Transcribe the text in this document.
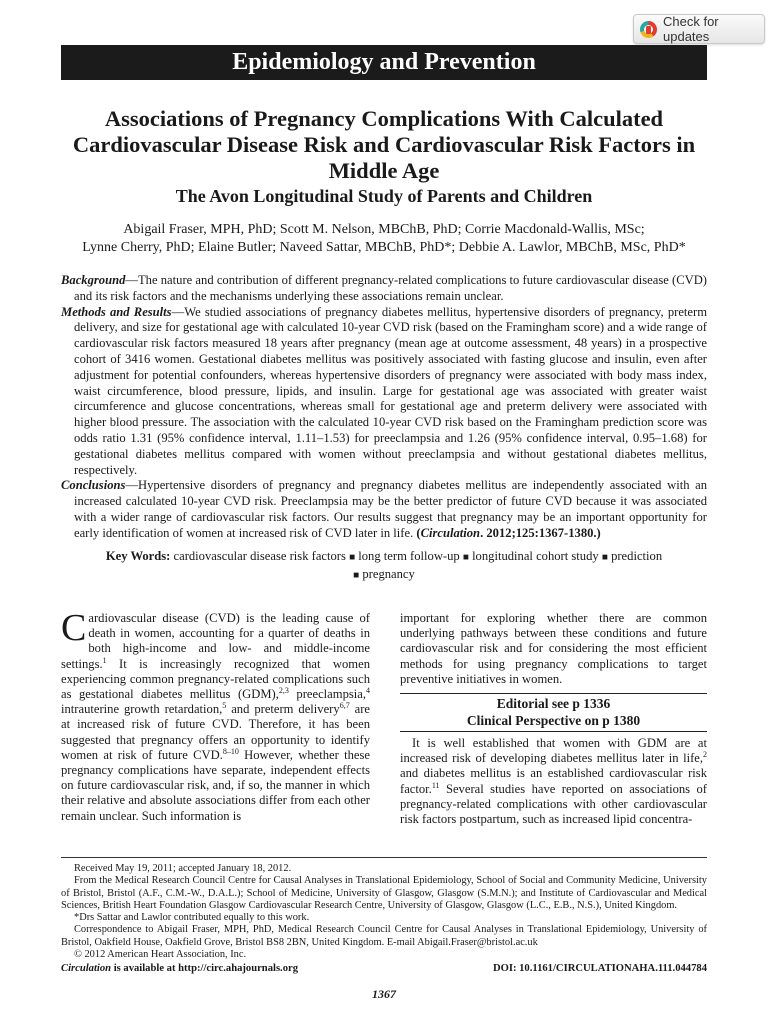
Check for updates
Epidemiology and Prevention
Associations of Pregnancy Complications With Calculated Cardiovascular Disease Risk and Cardiovascular Risk Factors in Middle Age
The Avon Longitudinal Study of Parents and Children
Abigail Fraser, MPH, PhD; Scott M. Nelson, MBChB, PhD; Corrie Macdonald-Wallis, MSc;
Lynne Cherry, PhD; Elaine Butler; Naveed Sattar, MBChB, PhD*; Debbie A. Lawlor, MBChB, MSc, PhD*

Background—The nature and contribution of different pregnancy-related complications to future cardiovascular disease (CVD) and its risk factors and the mechanisms underlying these associations remain unclear.

Methods and Results—We studied associations of pregnancy diabetes mellitus, hypertensive disorders of pregnancy, preterm delivery, and size for gestational age with calculated 10-year CVD risk (based on the Framingham score) and a wide range of cardiovascular risk factors measured 18 years after pregnancy (mean age at outcome assessment, 48 years) in a prospective cohort of 3416 women. Gestational diabetes mellitus was positively associated with fasting glucose and insulin, even after adjustment for potential confounders, whereas hypertensive disorders of pregnancy were associated with body mass index, waist circumference, blood pressure, lipids, and insulin. Large for gestational age was associated with greater waist circumference and glucose concentrations, whereas small for gestational age and preterm delivery were associated with higher blood pressure. The association with the calculated 10-year CVD risk based on the Framingham prediction score was odds ratio 1.31 (95% confidence interval, 1.11–1.53) for preeclampsia and 1.26 (95% confidence interval, 0.95–1.68) for gestational diabetes mellitus compared with women without preeclampsia and without gestational diabetes mellitus, respectively.

Conclusions—Hypertensive disorders of pregnancy and pregnancy diabetes mellitus are independently associated with an increased calculated 10-year CVD risk. Preeclampsia may be the better predictor of future CVD because it was associated with a wider range of cardiovascular risk factors. Our results suggest that pregnancy may be an important opportunity for early identification of women at increased risk of CVD later in life. (Circulation. 2012;125:1367-1380.)

Key Words: cardiovascular disease risk factors ■ long term follow-up ■ longitudinal cohort study ■ prediction
■ pregnancy

Cardiovascular disease (CVD) is the leading cause of death in women, accounting for a quarter of deaths in both high-income and low- and middle-income settings.$^1$ It is increasingly recognized that women experiencing common pregnancy-related complications such as gestational diabetes mellitus (GDM),$^{2,3}$ preeclampsia,$^4$ intrauterine growth retardation,$^5$ and preterm delivery$^{6,7}$ are at increased risk of future CVD. Therefore, it has been suggested that pregnancy offers an opportunity to identify women at risk of future CVD.$^{8-10}$ However, whether these pregnancy complications have separate, independent effects on future cardiovascular risk, and, if so, the manner in which their relative and absolute associations differ from each other remain unclear. Such information is

important for exploring whether there are common underlying pathways between these conditions and future cardiovascular risk and for considering the most efficient methods for using pregnancy complications to target preventive initiatives in women.

Editorial see p 1336
Clinical Perspective on p 1380

It is well established that women with GDM are at increased risk of developing diabetes mellitus later in life,$^2$ and diabetes mellitus is an established cardiovascular risk factor.$^{11}$ Several studies have reported on associations of pregnancy-related complications with other cardiovascular risk factors postpartum, such as increased lipid concentra-

Received May 19, 2011; accepted January 18, 2012.

From the Medical Research Council Centre for Causal Analyses in Translational Epidemiology, School of Social and Community Medicine, University of Bristol, Bristol (A.F., C.M.-W., D.A.L.); School of Medicine, University of Glasgow, Glasgow (S.M.N.); and Institute of Cardiovascular and Medical Sciences, British Heart Foundation Glasgow Cardiovascular Research Centre, University of Glasgow, Glasgow (L.C., E.B., N.S.), United Kingdom.

*Drs Sattar and Lawlor contributed equally to this work.

Correspondence to Abigail Fraser, MPH, PhD, Medical Research Council Centre for Causal Analyses in Translational Epidemiology, University of Bristol, Oakfield House, Oakfield Grove, Bristol BS8 2BN, United Kingdom. E-mail Abigail.Fraser@bristol.ac.uk

© 2012 American Heart Association, Inc.

Circulation is available at http://circ.ahajournals.org	DOI: 10.1161/CIRCULATIONAHA.111.044784
1367
